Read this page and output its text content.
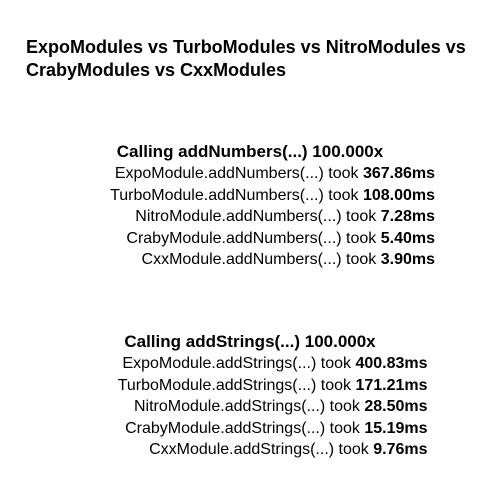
ExpoModules vs TurboModules vs NitroModules vs CrabyModules vs CxxModules
Calling addNumbers(...) 100.000x
ExpoModule.addNumbers(...) took 367.86ms
TurboModule.addNumbers(...) took 108.00ms
NitroModule.addNumbers(...) took 7.28ms
CrabyModule.addNumbers(...) took 5.40ms
CxxModule.addNumbers(...) took 3.90ms
Calling addStrings(...) 100.000x
ExpoModule.addStrings(...) took 400.83ms
TurboModule.addStrings(...) took 171.21ms
NitroModule.addStrings(...) took 28.50ms
CrabyModule.addStrings(...) took 15.19ms
CxxModule.addStrings(...) took 9.76ms
